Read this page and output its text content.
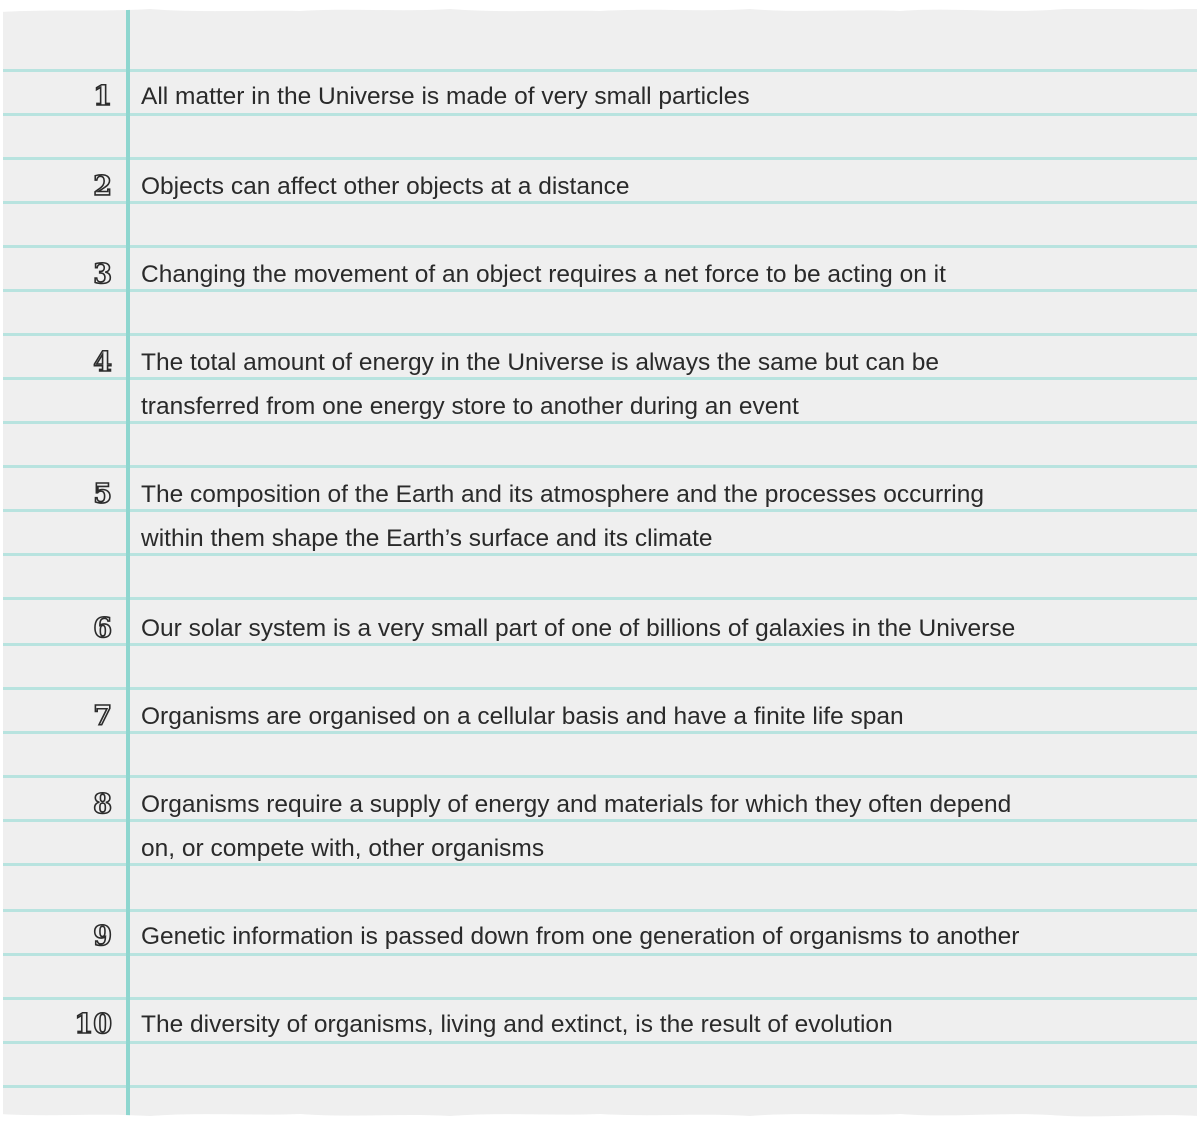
1 All matter in the Universe is made of very small particles
2 Objects can affect other objects at a distance
3 Changing the movement of an object requires a net force to be acting on it
4 The total amount of energy in the Universe is always the same but can be
transferred from one energy store to another during an event
5 The composition of the Earth and its atmosphere and the processes occurring
within them shape the Earth’s surface and its climate
6 Our solar system is a very small part of one of billions of galaxies in the Universe
7 Organisms are organised on a cellular basis and have a finite life span
8 Organisms require a supply of energy and materials for which they often depend
on, or compete with, other organisms
9 Genetic information is passed down from one generation of organisms to another
10 The diversity of organisms, living and extinct, is the result of evolution
